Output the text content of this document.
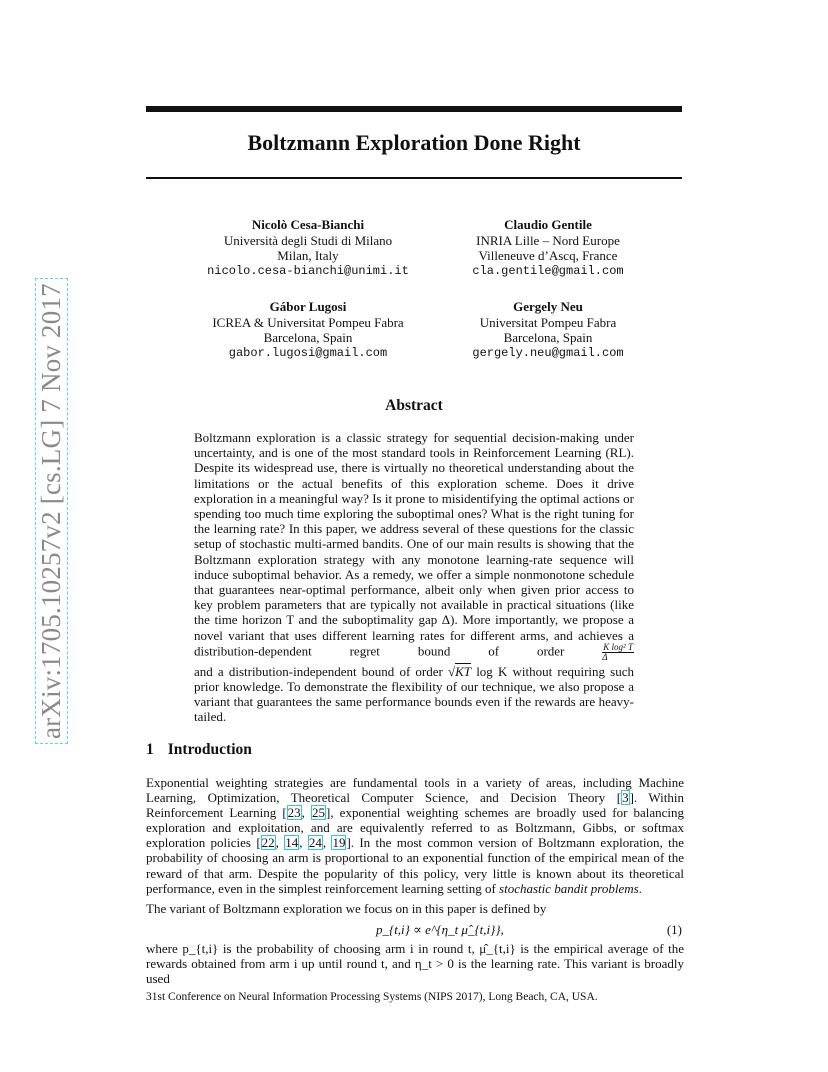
arXiv:1705.10257v2 [cs.LG] 7 Nov 2017
Boltzmann Exploration Done Right
Nicolò Cesa-Bianchi
Università degli Studi di Milano
Milan, Italy
nicolo.cesa-bianchi@unimi.it
Claudio Gentile
INRIA Lille – Nord Europe
Villeneuve d’Ascq, France
cla.gentile@gmail.com
Gábor Lugosi
ICREA & Universitat Pompeu Fabra
Barcelona, Spain
gabor.lugosi@gmail.com
Gergely Neu
Universitat Pompeu Fabra
Barcelona, Spain
gergely.neu@gmail.com
Abstract

Boltzmann exploration is a classic strategy for sequential decision-making under uncertainty, and is one of the most standard tools in Reinforcement Learning (RL). Despite its widespread use, there is virtually no theoretical understanding about the limitations or the actual benefits of this exploration scheme. Does it drive exploration in a meaningful way? Is it prone to misidentifying the optimal actions or spending too much time exploring the suboptimal ones? What is the right tuning for the learning rate? In this paper, we address several of these questions for the classic setup of stochastic multi-armed bandits. One of our main results is showing that the Boltzmann exploration strategy with any monotone learning-rate sequence will induce suboptimal behavior. As a remedy, we offer a simple nonmonotone schedule that guarantees near-optimal performance, albeit only when given prior access to key problem parameters that are typically not available in practical situations (like the time horizon T and the suboptimality gap Δ). More importantly, we propose a novel variant that uses different learning rates for different arms, and achieves a distribution-dependent regret bound of order	$\frac{\text{K log² T}}{\Delta}$

and a distribution-independent bound of order √KT log K without requiring such prior knowledge. To demonstrate the flexibility of our technique, we also propose a variant that guarantees the same performance bounds even if the rewards are heavy-tailed.

1 Introduction

Exponential weighting strategies are fundamental tools in a variety of areas, including Machine Learning, Optimization, Theoretical Computer Science, and Decision Theory [3]. Within Reinforcement Learning [23, 25], exponential weighting schemes are broadly used for balancing exploration and exploitation, and are equivalently referred to as Boltzmann, Gibbs, or softmax exploration policies [22, 14, 24, 19]. In the most common version of Boltzmann exploration, the probability of choosing an arm is proportional to an exponential function of the empirical mean of the reward of that arm. Despite the popularity of this policy, very little is known about its theoretical performance, even in the simplest reinforcement learning setting of stochastic bandit problems.

The variant of Boltzmann exploration we focus on in this paper is defined by

p_{t,i} ∝ e^{η_t μ̂_{t,i}},	(1)

where p_{t,i} is the probability of choosing arm i in round t, μ̂_{t,i} is the empirical average of the rewards obtained from arm i up until round t, and η_t > 0 is the learning rate. This variant is broadly used

31st Conference on Neural Information Processing Systems (NIPS 2017), Long Beach, CA, USA.
